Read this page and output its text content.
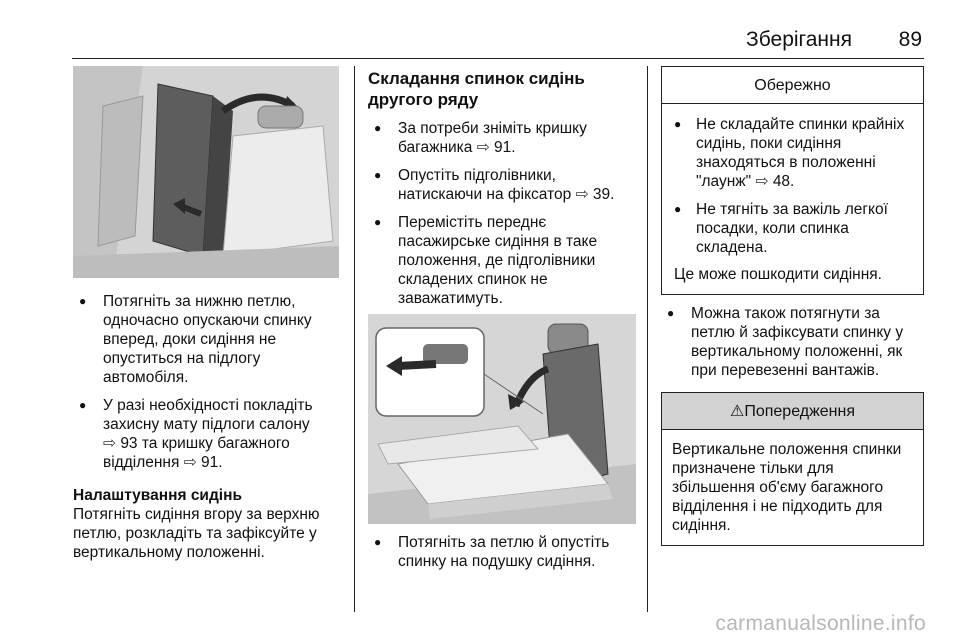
Зберігання 89
● Потягніть за нижню петлю, одночасно опускаючи спинку вперед, доки сидіння не опуститься на підлогу автомобіля.
● У разі необхідності покладіть захисну мату підлоги салону
⇨ 93 та кришку багажного відділення ⇨ 91.
Налаштування сидінь
Потягніть сидіння вгору за верхню петлю, розкладіть та зафіксуйте у вертикальному положенні.
Складання спинок сидінь другого ряду
● За потреби зніміть кришку багажника ⇨ 91.
● Опустіть підголівники, натискаючи на фіксатор ⇨ 39.
● Перемістіть переднє пасажирське сидіння в таке положення, де підголівники складених спинок не заважатимуть.
● Потягніть за петлю й опустіть спинку на подушку сидіння.
Обережно
● Не складайте спинки крайніх сидінь, поки сидіння знаходяться в положенні "лаунж" ⇨ 48.
● Не тягніть за важіль легкої посадки, коли спинка складена.
Це може пошкодити сидіння.
● Можна також потягнути за петлю й зафіксувати спинку у вертикальному положенні, як при перевезенні вантажів.
⚠Попередження

Вертикальне положення спинки призначене тільки для збільшення об'єму багажного відділення і не підходить для сидіння.

carmanualsonline.info
